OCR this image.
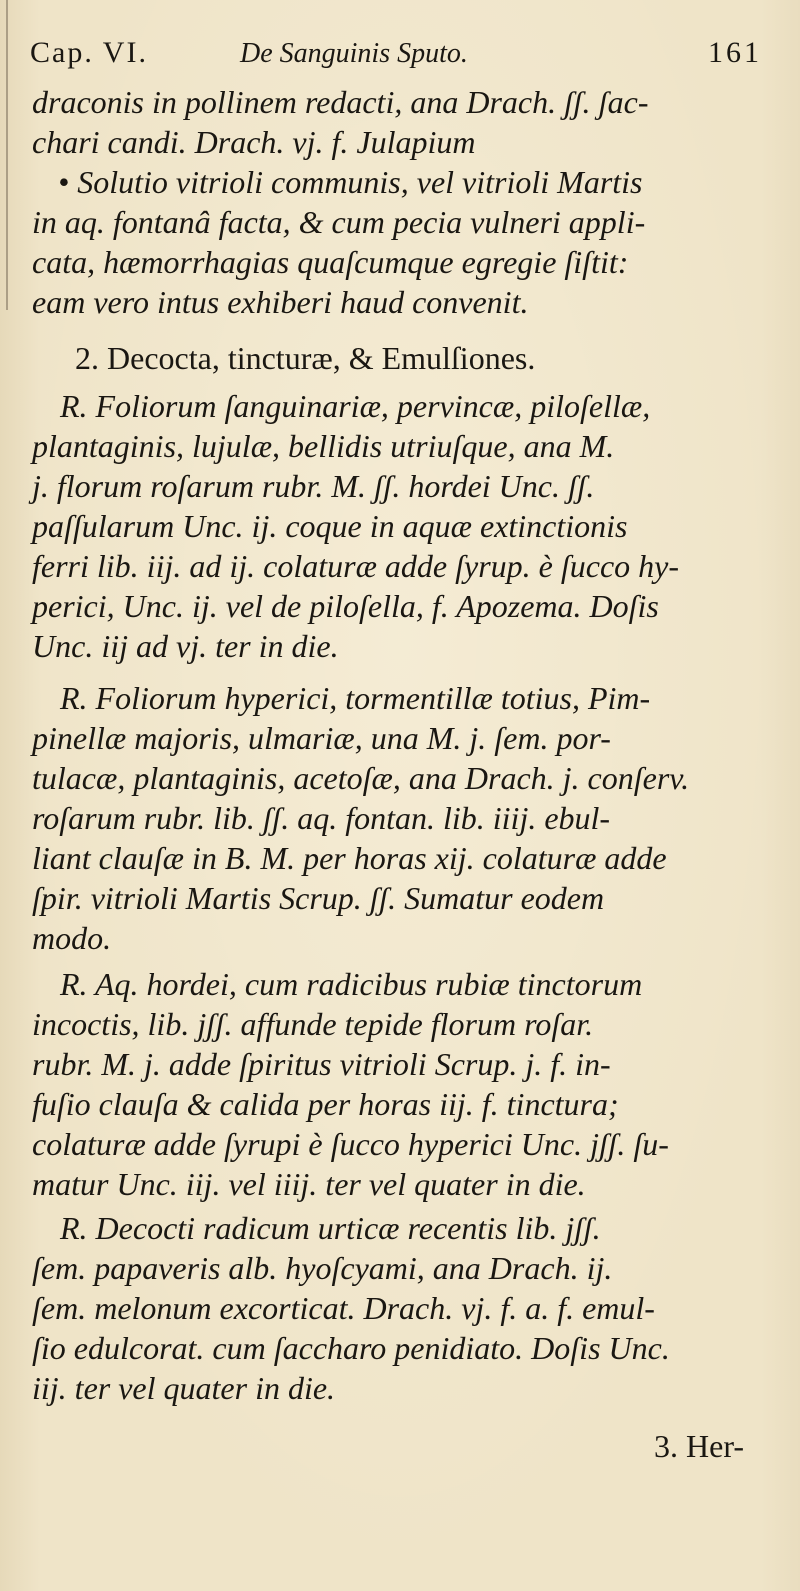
Cap. VI.	De Sanguinis Sputo.	161
draconis in pollinem redacti, ana Drach. ʃʃ. ʃac-
chari candi. Drach. vj. f. Julapium
• Solutio vitrioli communis, vel vitrioli Martis
in aq. fontanâ facta, & cum pecia vulneri appli-
cata, hæmorrhagias quaſcumque egregie ſiſtit:
eam vero intus exhiberi haud convenit.
2. Decocta, tincturæ, & Emulſiones.
R. Foliorum ſanguinariæ, pervincæ, piloſellæ,
plantaginis, lujulæ, bellidis utriuſque, ana M.
j. florum roſarum rubr. M. ʃʃ. hordei Unc. ʃʃ.
paſſularum Unc. ij. coque in aquæ extinctionis
ferri lib. iij. ad ij. colaturæ adde ſyrup. è ſucco hy-
perici, Unc. ij. vel de piloſella, f. Apozema. Doſis
Unc. iij ad vj. ter in die.
R. Foliorum hyperici, tormentillæ totius, Pim-
pinellæ majoris, ulmariæ, una M. j. ſem. por-
tulacæ, plantaginis, acetoſæ, ana Drach. j. conſerv.
roſarum rubr. lib. ʃʃ. aq. fontan. lib. iiij. ebul-
liant clauſæ in B. M. per horas xij. colaturæ adde
ſpir. vitrioli Martis Scrup. ʃʃ. Sumatur eodem
modo.
R. Aq. hordei, cum radicibus rubiæ tinctorum
incoctis, lib. jʃʃ. affunde tepide florum roſar.
rubr. M. j. adde ſpiritus vitrioli Scrup. j. f. in-
fuſio clauſa & calida per horas iij. f. tinctura;
colaturæ adde ſyrupi è ſucco hyperici Unc. jʃʃ. ſu-
matur Unc. iij. vel iiij. ter vel quater in die.
R. Decocti radicum urticæ recentis lib. jʃʃ.
ſem. papaveris alb. hyoſcyami, ana Drach. ij.
ſem. melonum excorticat. Drach. vj. f. a. f. emul-
ſio edulcorat. cum ſaccharo penidiato. Doſis Unc.
iij. ter vel quater in die.
3. Her-
